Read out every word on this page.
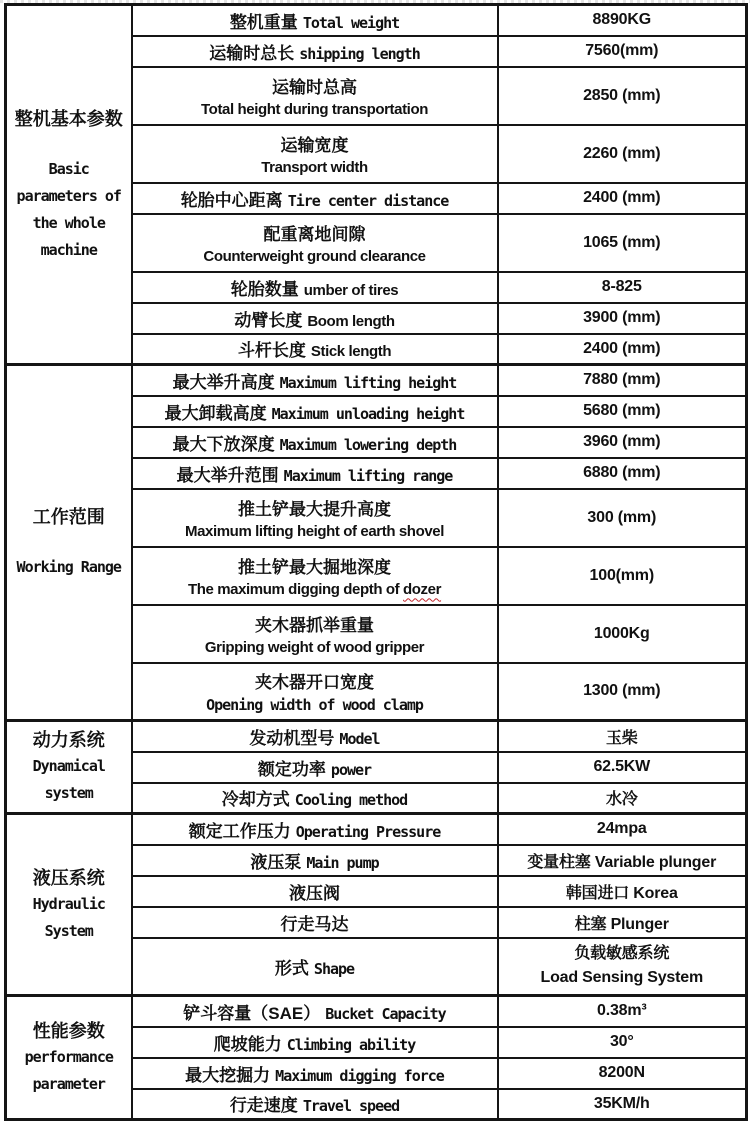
整机基本参数
Basic
parameters of
the whole
machine	整机重量 Total weight	8890KG
	运输时总长 shipping length	7560(mm)

	运输时总高
Total height during transportation	2850 (mm)

	运输宽度
Transport width	2260 (mm)
	轮胎中心距离 Tire center distance	2400 (mm)

	配重离地间隙
Counterweight ground clearance	1065 (mm)
	轮胎数量 umber of tires	8-825
	动臂长度 Boom length	3900 (mm)
	斗杆长度 Stick length	2400 (mm)

工作范围
Working Range	最大举升高度 Maximum lifting height	7880 (mm)
	最大卸载高度 Maximum unloading height	5680 (mm)
	最大下放深度 Maximum lowering depth	3960 (mm)
	最大举升范围 Maximum lifting range	6880 (mm)

	推土铲最大提升高度
Maximum lifting height of earth shovel	300 (mm)

	推土铲最大掘地深度
The maximum digging depth of dozer	100(mm)

	夹木器抓举重量
Gripping weight of wood gripper	1000Kg

	夹木器开口宽度
Opening width of wood clamp	1300 (mm)

动力系统
Dynamical
system	发动机型号 Model	玉柴
	额定功率 power	62.5KW
	冷却方式 Cooling method	水冷

液压系统
Hydraulic
System	额定工作压力 Operating Pressure	24mpa
	液压泵 Main pump	变量柱塞 Variable plunger
	液压阀	韩国进口 Korea
	行走马达	柱塞 Plunger
	形式 Shape	负载敏感系统
Load Sensing System

性能参数
performance
parameter	铲斗容量（SAE） Bucket Capacity	0.38m³
	爬坡能力 Climbing ability	30°
	最大挖掘力 Maximum digging force	8200N
	行走速度 Travel speed	35KM/h
